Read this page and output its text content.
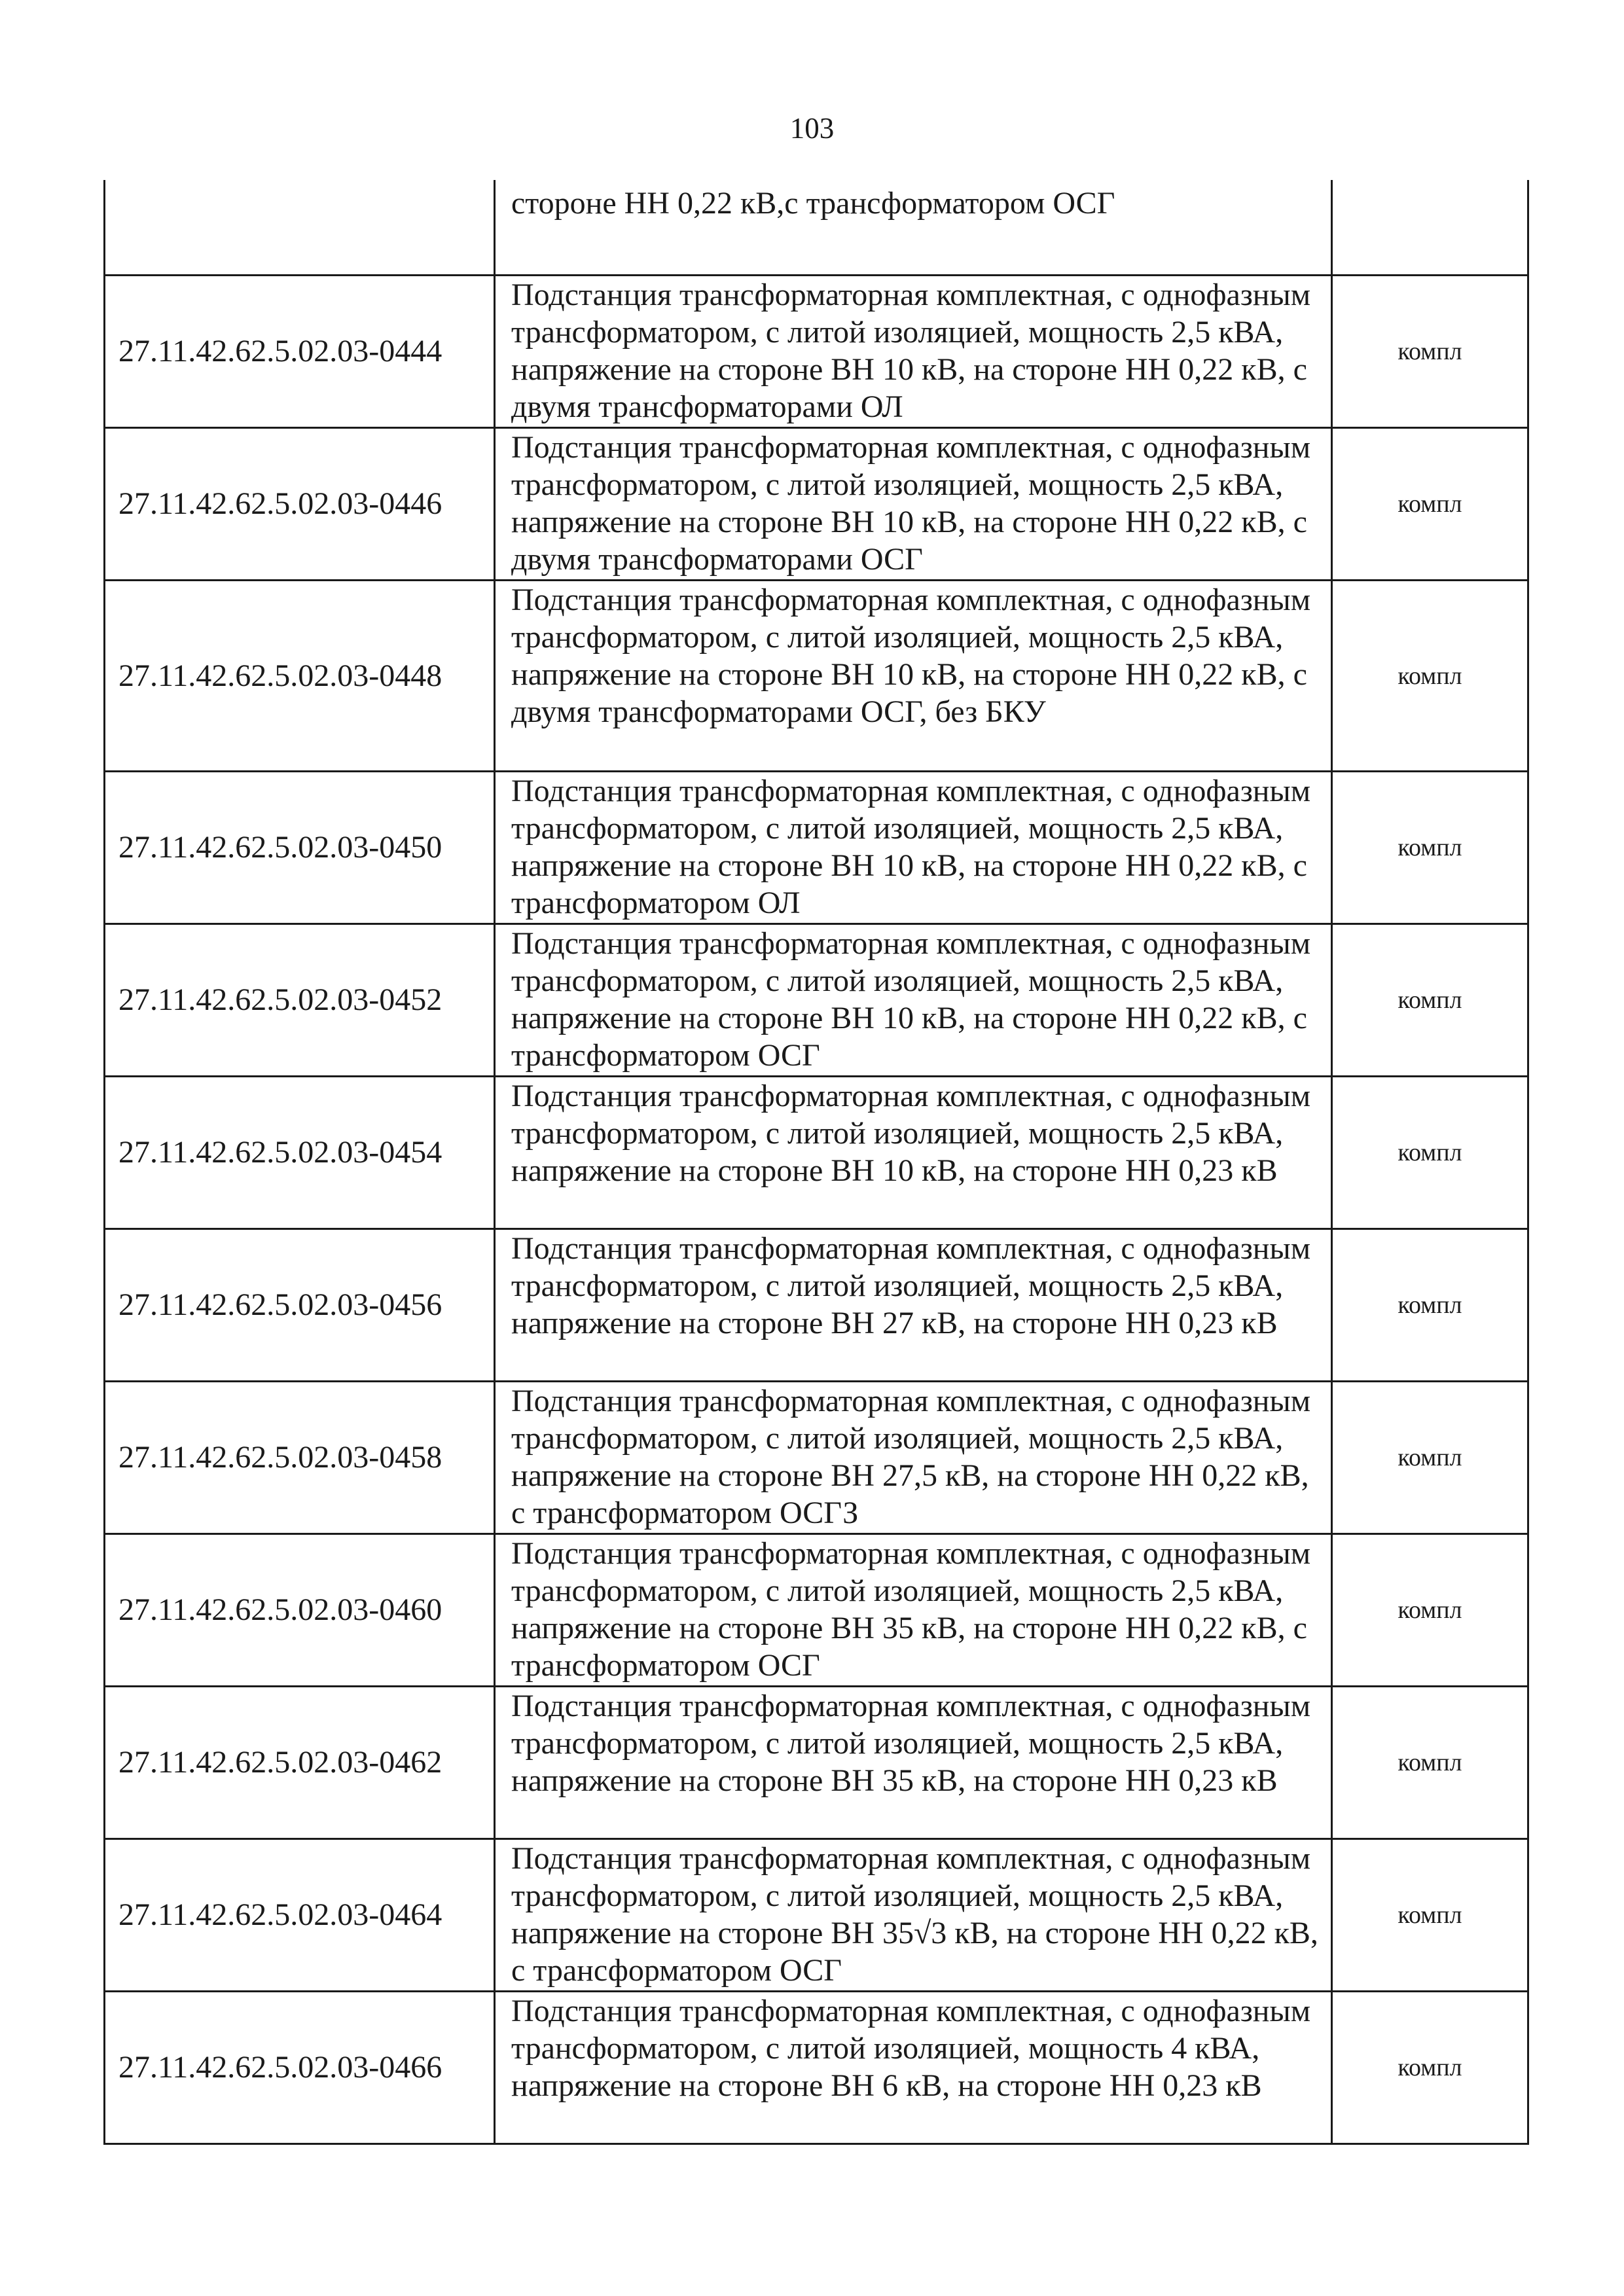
103
	стороне НН 0,22 кВ,с трансформатором ОСГ	
27.11.42.62.5.02.03-0444	Подстанция трансформаторная комплектная, с однофазным трансформатором, с литой изоляцией, мощность 2,5 кВА, напряжение на стороне ВН 10 кВ, на стороне НН 0,22 кВ, с двумя трансформаторами ОЛ	компл
27.11.42.62.5.02.03-0446	Подстанция трансформаторная комплектная, с однофазным трансформатором, с литой изоляцией, мощность 2,5 кВА, напряжение на стороне ВН 10 кВ, на стороне НН 0,22 кВ, с двумя трансформаторами ОСГ	компл
27.11.42.62.5.02.03-0448	Подстанция трансформаторная комплектная, с однофазным трансформатором, с литой изоляцией, мощность 2,5 кВА, напряжение на стороне ВН 10 кВ, на стороне НН 0,22 кВ, с двумя трансформаторами ОСГ, без БКУ	компл
27.11.42.62.5.02.03-0450	Подстанция трансформаторная комплектная, с однофазным трансформатором, с литой изоляцией, мощность 2,5 кВА, напряжение на стороне ВН 10 кВ, на стороне НН 0,22 кВ, с трансформатором ОЛ	компл
27.11.42.62.5.02.03-0452	Подстанция трансформаторная комплектная, с однофазным трансформатором, с литой изоляцией, мощность 2,5 кВА, напряжение на стороне ВН 10 кВ, на стороне НН 0,22 кВ, с трансформатором ОСГ	компл
27.11.42.62.5.02.03-0454	Подстанция трансформаторная комплектная, с однофазным трансформатором, с литой изоляцией, мощность 2,5 кВА, напряжение на стороне ВН 10 кВ, на стороне НН 0,23 кВ	компл
27.11.42.62.5.02.03-0456	Подстанция трансформаторная комплектная, с однофазным трансформатором, с литой изоляцией, мощность 2,5 кВА, напряжение на стороне ВН 27 кВ, на стороне НН 0,23 кВ	компл
27.11.42.62.5.02.03-0458	Подстанция трансформаторная комплектная, с однофазным трансформатором, с литой изоляцией, мощность 2,5 кВА, напряжение на стороне ВН 27,5 кВ, на стороне НН 0,22 кВ, с трансформатором ОСГЗ	компл
27.11.42.62.5.02.03-0460	Подстанция трансформаторная комплектная, с однофазным трансформатором, с литой изоляцией, мощность 2,5 кВА, напряжение на стороне ВН 35 кВ, на стороне НН 0,22 кВ, с трансформатором ОСГ	компл
27.11.42.62.5.02.03-0462	Подстанция трансформаторная комплектная, с однофазным трансформатором, с литой изоляцией, мощность 2,5 кВА, напряжение на стороне ВН 35 кВ, на стороне НН 0,23 кВ	компл
27.11.42.62.5.02.03-0464	Подстанция трансформаторная комплектная, с однофазным трансформатором, с литой изоляцией, мощность 2,5 кВА, напряжение на стороне ВН 35√3 кВ, на стороне НН 0,22 кВ, с трансформатором ОСГ	компл
27.11.42.62.5.02.03-0466	Подстанция трансформаторная комплектная, с однофазным трансформатором, с литой изоляцией, мощность 4 кВА, напряжение на стороне ВН 6 кВ, на стороне НН 0,23 кВ	компл
